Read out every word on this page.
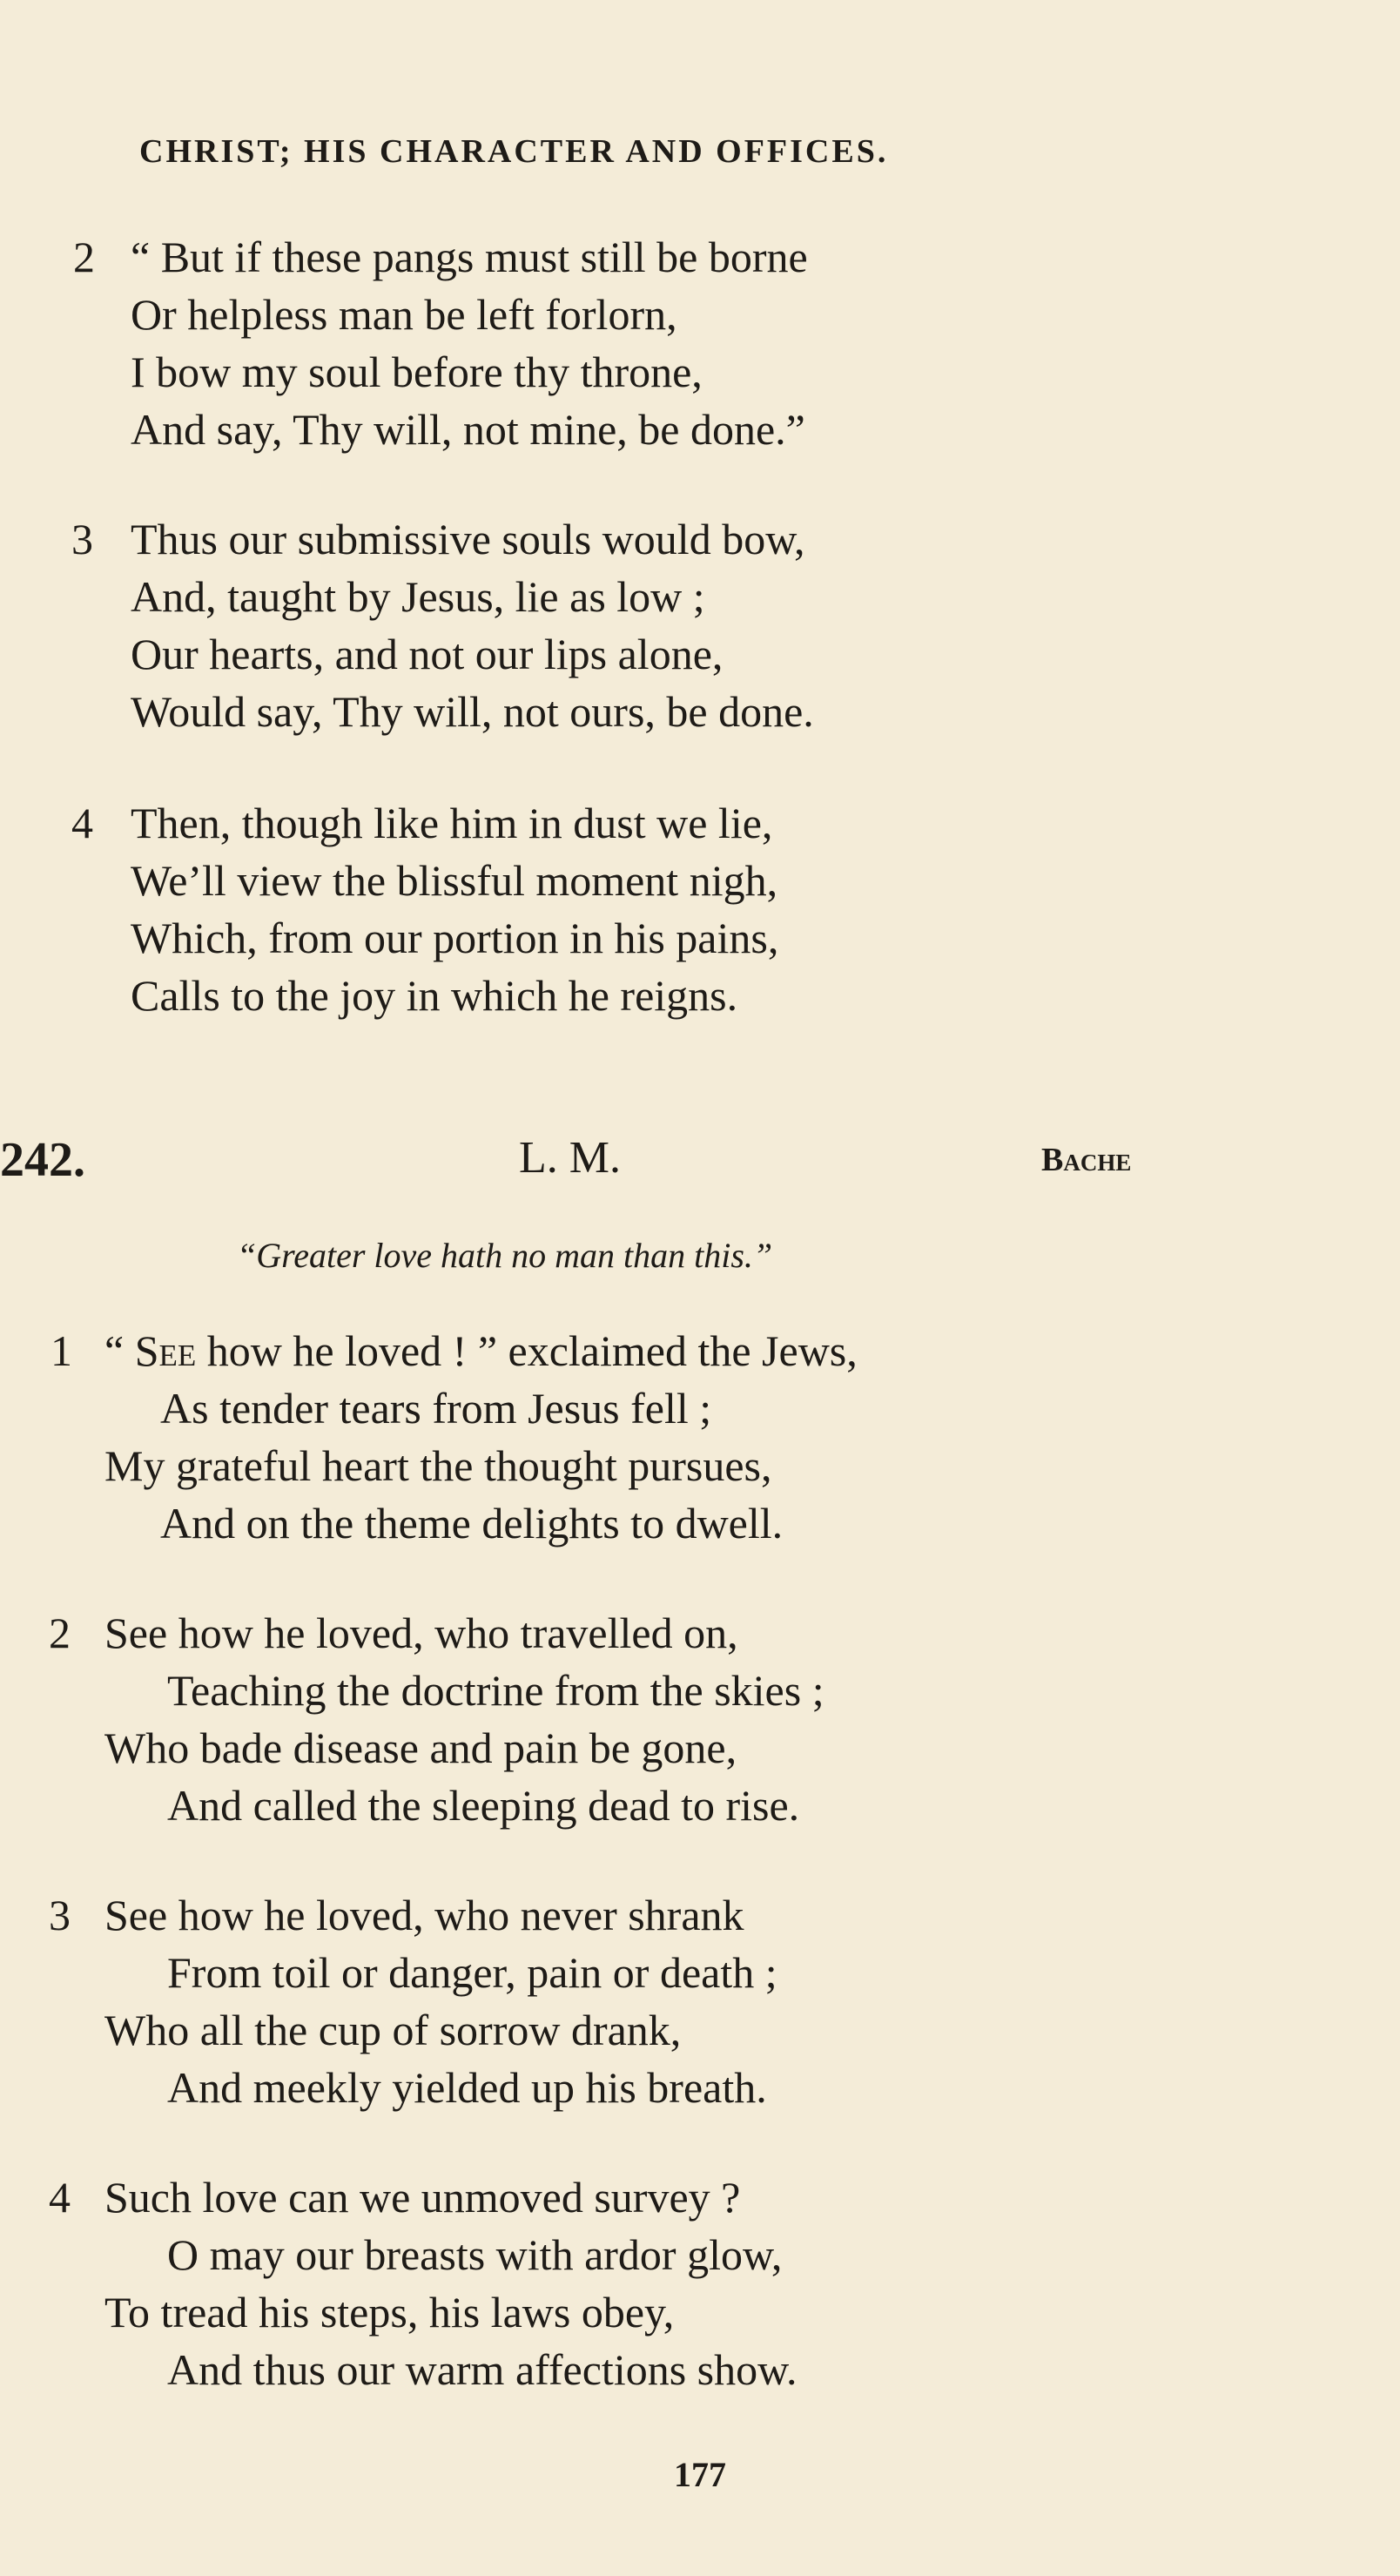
CHRIST; HIS CHARACTER AND OFFICES.
2 “ But if these pangs must still be borne
Or helpless man be left forlorn,
I bow my soul before thy throne,
And say, Thy will, not mine, be done.”
3 Thus our submissive souls would bow,
And, taught by Jesus, lie as low ;
Our hearts, and not our lips alone,
Would say, Thy will, not ours, be done.
4 Then, though like him in dust we lie,
We’ll view the blissful moment nigh,
Which, from our portion in his pains,
Calls to the joy in which he reigns.
242.	L. M.	Bache
“Greater love hath no man than this.”
1 “ See how he loved ! ” exclaimed the Jews,
As tender tears from Jesus fell ;
My grateful heart the thought pursues,
And on the theme delights to dwell.
2 See how he loved, who travelled on,
Teaching the doctrine from the skies ;
Who bade disease and pain be gone,
And called the sleeping dead to rise.
3 See how he loved, who never shrank
From toil or danger, pain or death ;
Who all the cup of sorrow drank,
And meekly yielded up his breath.
4 Such love can we unmoved survey ?
O may our breasts with ardor glow,
To tread his steps, his laws obey,
And thus our warm affections show.
177
